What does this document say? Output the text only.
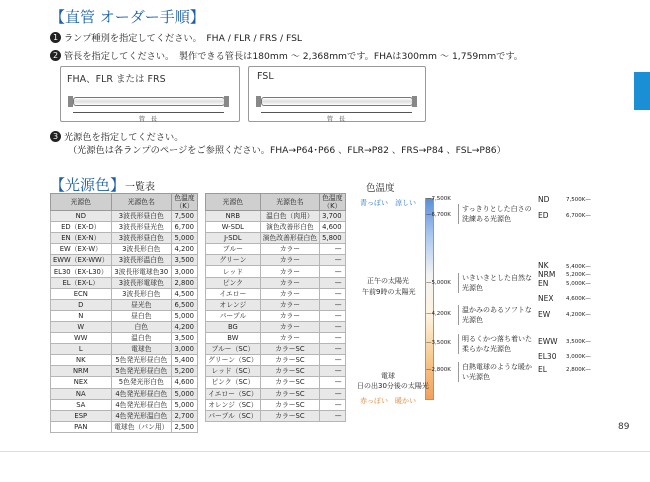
【直管 オーダー手順】
1 ランプ種別を指定してください。　FHA / FLR / FRS / FSL
2 管長を指定してください。　製作できる管長は180mm ～ 2,368mmです。FHAは300mm ～ 1,759mmです。
FHA、FLR または FRS
管　長
FSL
管　長
3 光源色を指定してください。
（光源色は各ランプのページをご参照ください。FHA→P64･P66 、FLR→P82 、FRS→P84 、FSL→P86）
【光源色】一覧表
光源色	光源色名	色温度
（K）
ND	3波長形昼白色	7,500
ED（EX-D）	3波長形昼光色	6,700
EN（EX-N）	3波長形昼白色	5,000
EW（EX-W）	3波長形白色	4,200
EWW（EX-WW）	3波長形温白色	3,500
EL30（EX-L30）	3波長形電球色30	3,000
EL（EX-L）	3波長形電球色	2,800
ECN	3波長形白色	4,500
D	昼光色	6,500
N	昼白色	5,000
W	白色	4,200
WW	温白色	3,500
L	電球色	3,000
NK	5色発光形昼白色	5,400
NRM	5色発光形昼白色	5,200
NEX	5色発光形白色	4,600
NA	4色発光形昼白色	5,000
SA	4色発光形昼白色	5,000
ESP	4色発光形温白色	2,700
PAN	電球色（パン用）	2,500
光源色	光源色名	色温度
（K）
NRB	温白色（肉用）	3,700
W-SDL	演色改善形白色	4,600
J-SDL	演色改善形昼白色	5,800
ブルー	カラー	—
グリーン	カラー	—
レッド	カラー	—
ピンク	カラー	—
イエロー	カラー	—
オレンジ	カラー	—
パープル	カラー	—
BG	カラー	—
BW	カラー	—
ブルー（SC）	カラーSC	—
グリーン（SC）	カラーSC	—
レッド（SC）	カラーSC	—
ピンク（SC）	カラーSC	—
イエロー（SC）	カラーSC	—
オレンジ（SC）	カラーSC	—
パープル（SC）	カラーSC	—
色温度
青っぽい　涼しい
正午の太陽光
午前9時の太陽光
電球
日の出30分後の太陽光
赤っぽい　暖かい
—7,500K
—6,700K
—5,000K
—4,200K
—3,500K
—2,800K
すっきりとした白さの洗練ある光源色
いきいきとした自然な光源色
温かみのあるソフトな光源色
明るくかつ落ち着いた柔らかな光源色
白熱電球のような暖かい光源色
ND	7,500K—
ED	6,700K—
NK	5,400K—
NRM 5,200K—
EN	5,000K—
NEX 4,600K—
EW	4,200K—
EWW 3,500K—
EL30 3,000K—
EL	2,800K—
89
